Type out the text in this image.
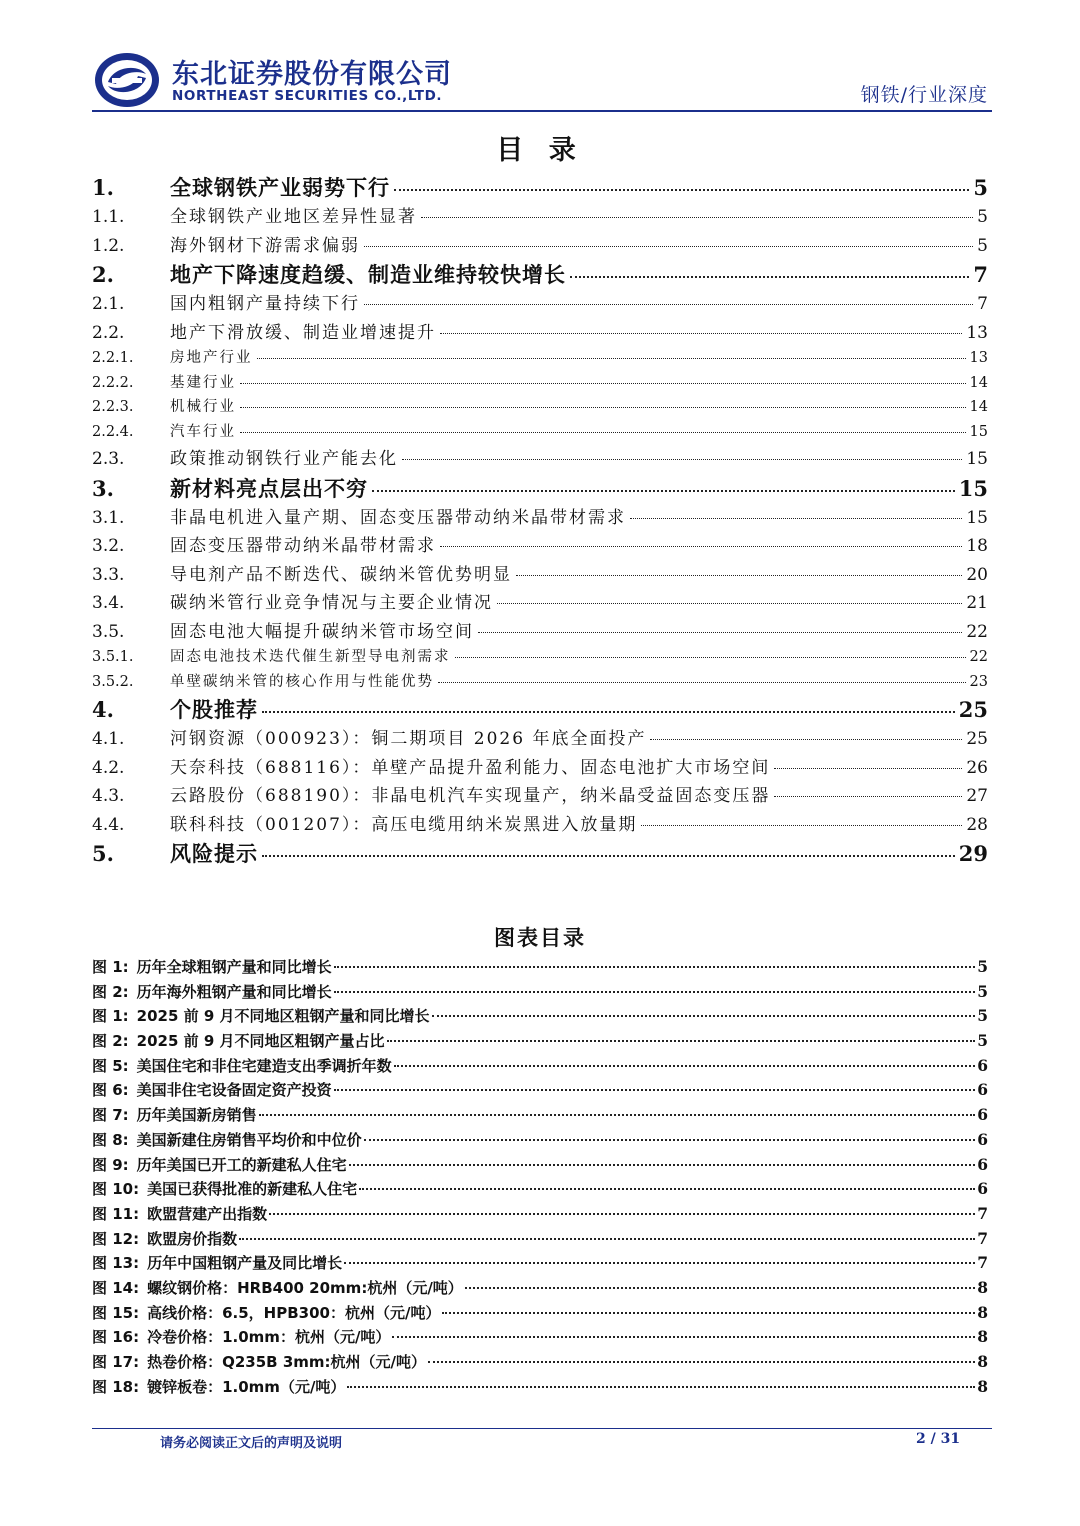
东北证券股份有限公司
NORTHEAST SECURITIES CO.,LTD.	钢铁/行业深度
目 录
1.	全球钢铁产业弱势下行	5
1.1.	全球钢铁产业地区差异性显著	5
1.2.	海外钢材下游需求偏弱	5
2.	地产下降速度趋缓、制造业维持较快增长	7
2.1.	国内粗钢产量持续下行	7
2.2.	地产下滑放缓、制造业增速提升	13
2.2.1.	房地产行业	13
2.2.2.	基建行业	14
2.2.3.	机械行业	14
2.2.4.	汽车行业	15
2.3.	政策推动钢铁行业产能去化	15
3.	新材料亮点层出不穷	15
3.1.	非晶电机进入量产期、固态变压器带动纳米晶带材需求	15
3.2.	固态变压器带动纳米晶带材需求	18
3.3.	导电剂产品不断迭代、碳纳米管优势明显	20
3.4.	碳纳米管行业竞争情况与主要企业情况	21
3.5.	固态电池大幅提升碳纳米管市场空间	22
3.5.1.	固态电池技术迭代催生新型导电剂需求	22
3.5.2.	单壁碳纳米管的核心作用与性能优势	23
4.	个股推荐	25
4.1.	河钢资源（000923）：铜二期项目 2026 年底全面投产	25
4.2.	天奈科技（688116）：单壁产品提升盈利能力、固态电池扩大市场空间	26
4.3.	云路股份（688190）：非晶电机汽车实现量产，纳米晶受益固态变压器	27
4.4.	联科科技（001207）：高压电缆用纳米炭黑进入放量期	28
5.	风险提示	29
图表目录
图 1: 历年全球粗钢产量和同比增长	5
图 2: 历年海外粗钢产量和同比增长	5
图 1: 2025 前 9 月不同地区粗钢产量和同比增长	5
图 2: 2025 前 9 月不同地区粗钢产量占比	5
图 5: 美国住宅和非住宅建造支出季调折年数	6
图 6: 美国非住宅设备固定资产投资	6
图 7: 历年美国新房销售	6
图 8: 美国新建住房销售平均价和中位价	6
图 9: 历年美国已开工的新建私人住宅	6
图 10: 美国已获得批准的新建私人住宅	6
图 11: 欧盟营建产出指数	7
图 12: 欧盟房价指数	7
图 13: 历年中国粗钢产量及同比增长	7
图 14: 螺纹钢价格：HRB400 20mm:杭州（元/吨）	8
图 15: 高线价格：6.5，HPB300：杭州（元/吨）	8
图 16: 冷卷价格：1.0mm：杭州（元/吨）	8
图 17: 热卷价格：Q235B 3mm:杭州（元/吨）	8
图 18: 镀锌板卷：1.0mm（元/吨）	8
请务必阅读正文后的声明及说明	2 / 31
